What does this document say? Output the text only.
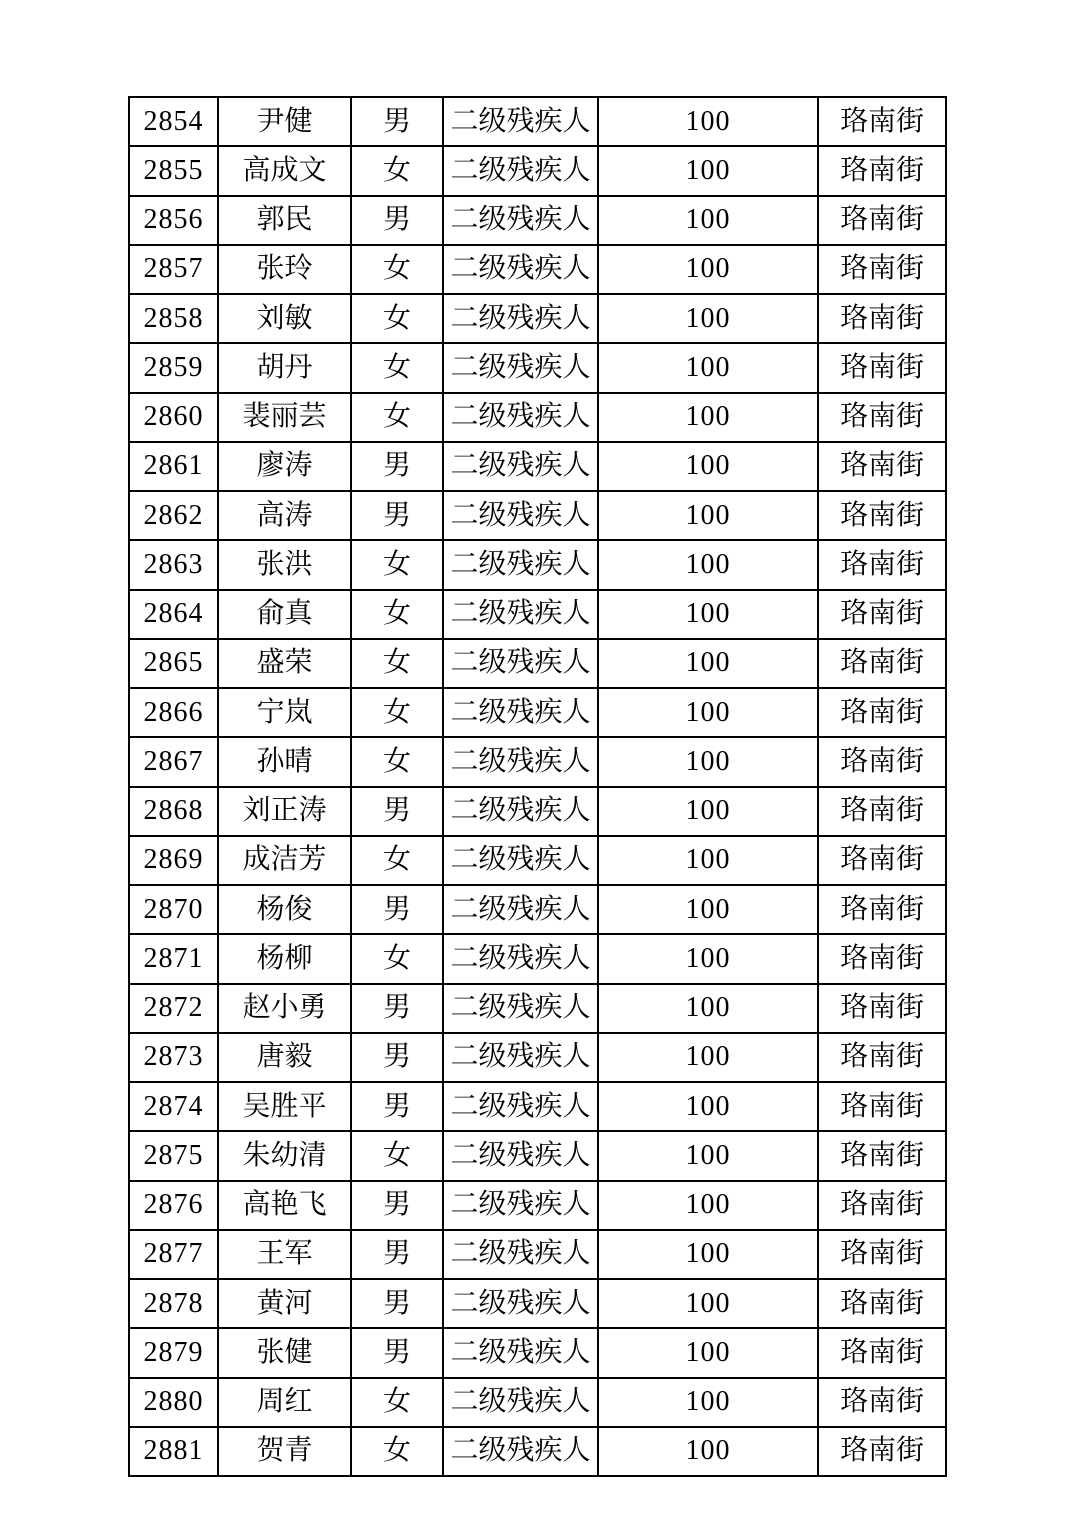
2854	尹健	男	二级残疾人	100	珞南街
2855	高成文	女	二级残疾人	100	珞南街
2856	郭民	男	二级残疾人	100	珞南街
2857	张玲	女	二级残疾人	100	珞南街
2858	刘敏	女	二级残疾人	100	珞南街
2859	胡丹	女	二级残疾人	100	珞南街
2860	裴丽芸	女	二级残疾人	100	珞南街
2861	廖涛	男	二级残疾人	100	珞南街
2862	高涛	男	二级残疾人	100	珞南街
2863	张洪	女	二级残疾人	100	珞南街
2864	俞真	女	二级残疾人	100	珞南街
2865	盛荣	女	二级残疾人	100	珞南街
2866	宁岚	女	二级残疾人	100	珞南街
2867	孙晴	女	二级残疾人	100	珞南街
2868	刘正涛	男	二级残疾人	100	珞南街
2869	成洁芳	女	二级残疾人	100	珞南街
2870	杨俊	男	二级残疾人	100	珞南街
2871	杨柳	女	二级残疾人	100	珞南街
2872	赵小勇	男	二级残疾人	100	珞南街
2873	唐毅	男	二级残疾人	100	珞南街
2874	吴胜平	男	二级残疾人	100	珞南街
2875	朱幼清	女	二级残疾人	100	珞南街
2876	高艳飞	男	二级残疾人	100	珞南街
2877	王军	男	二级残疾人	100	珞南街
2878	黄河	男	二级残疾人	100	珞南街
2879	张健	男	二级残疾人	100	珞南街
2880	周红	女	二级残疾人	100	珞南街
2881	贺青	女	二级残疾人	100	珞南街
